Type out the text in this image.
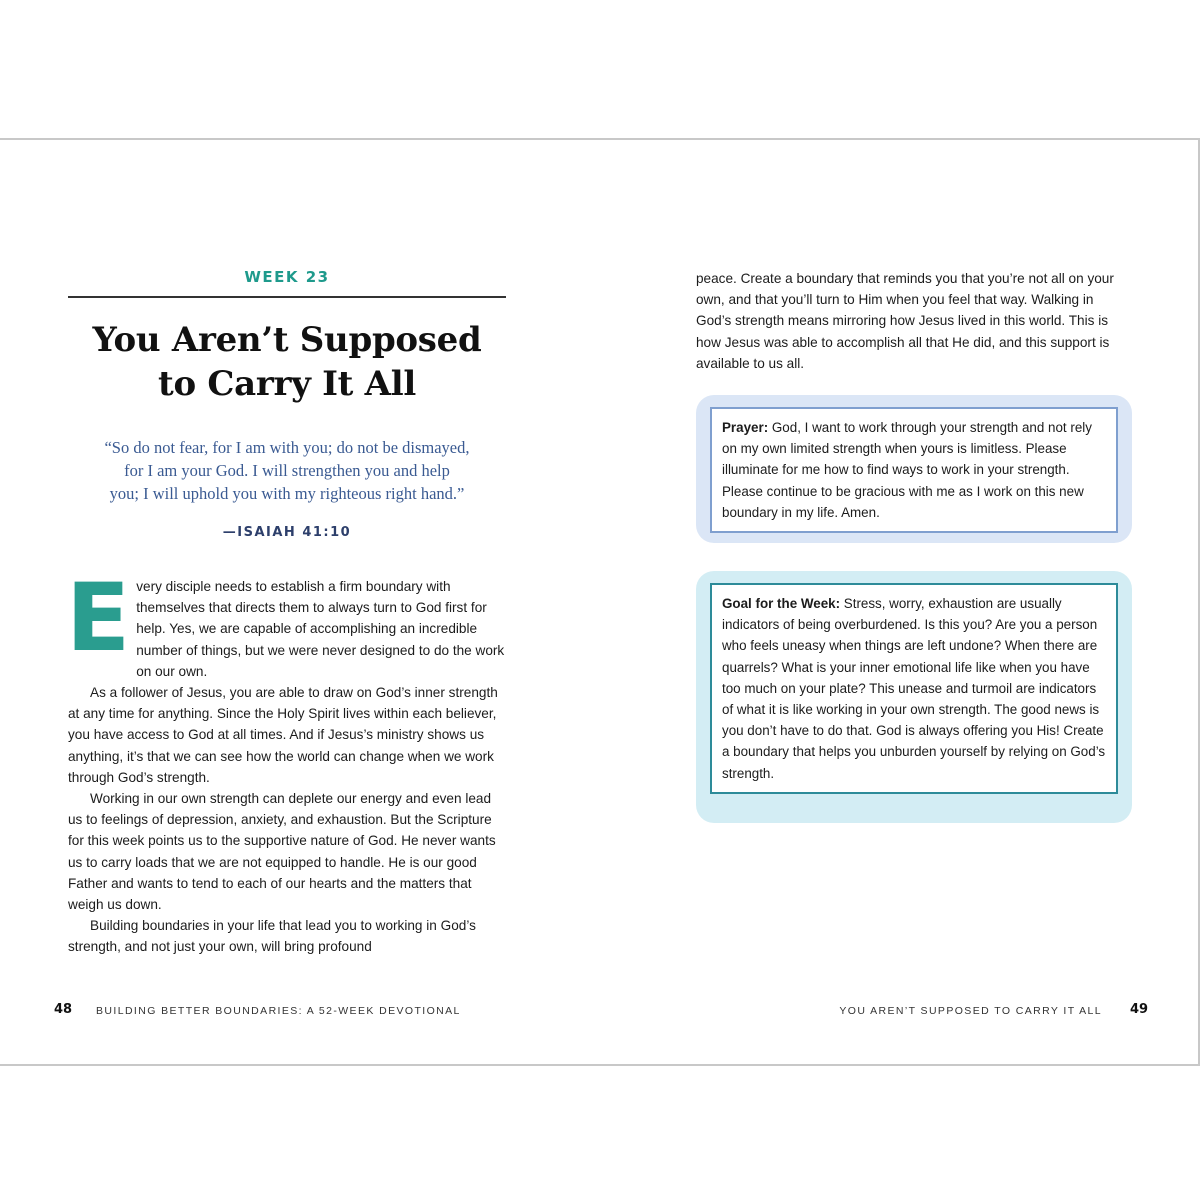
WEEK 23
You Aren’t Supposed
to Carry It All
“So do not fear, for I am with you; do not be dismayed,
for I am your God. I will strengthen you and help
you; I will uphold you with my righteous right hand.”
—ISAIAH 41:10

Every disciple needs to establish a firm boundary with themselves that directs them to always turn to God first for help. Yes, we are capable of accomplishing an incredible number of things, but we were never designed to do the work on our own.

As a follower of Jesus, you are able to draw on God’s inner strength at any time for anything. Since the Holy Spirit lives within each believer, you have access to God at all times. And if Jesus’s ministry shows us anything, it’s that we can see how the world can change when we work through God’s strength.

Working in our own strength can deplete our energy and even lead us to feelings of depression, anxiety, and exhaustion. But the Scripture for this week points us to the supportive nature of God. He never wants us to carry loads that we are not equipped to handle. He is our good Father and wants to tend to each of our hearts and the matters that weigh us down.

Building boundaries in your life that lead you to working in God’s strength, and not just your own, will bring profound

48 BUILDING BETTER BOUNDARIES: A 52-WEEK DEVOTIONAL

peace. Create a boundary that reminds you that you’re not all on your own, and that you’ll turn to Him when you feel that way. Walking in God’s strength means mirroring how Jesus lived in this world. This is how Jesus was able to accomplish all that He did, and this support is available to us all.

Prayer: God, I want to work through your strength and not rely on my own limited strength when yours is limitless. Please illuminate for me how to find ways to work in your strength. Please continue to be gracious with me as I work on this new boundary in my life. Amen.
Goal for the Week: Stress, worry, exhaustion are usually indicators of being overburdened. Is this you? Are you a person who feels uneasy when things are left undone? When there are quarrels? What is your inner emotional life like when you have too much on your plate? This unease and turmoil are indicators of what it is like working in your own strength. The good news is you don’t have to do that. God is always offering you His! Create a boundary that helps you unburden yourself by relying on God’s strength.
YOU AREN’T SUPPOSED TO CARRY IT ALL 49
